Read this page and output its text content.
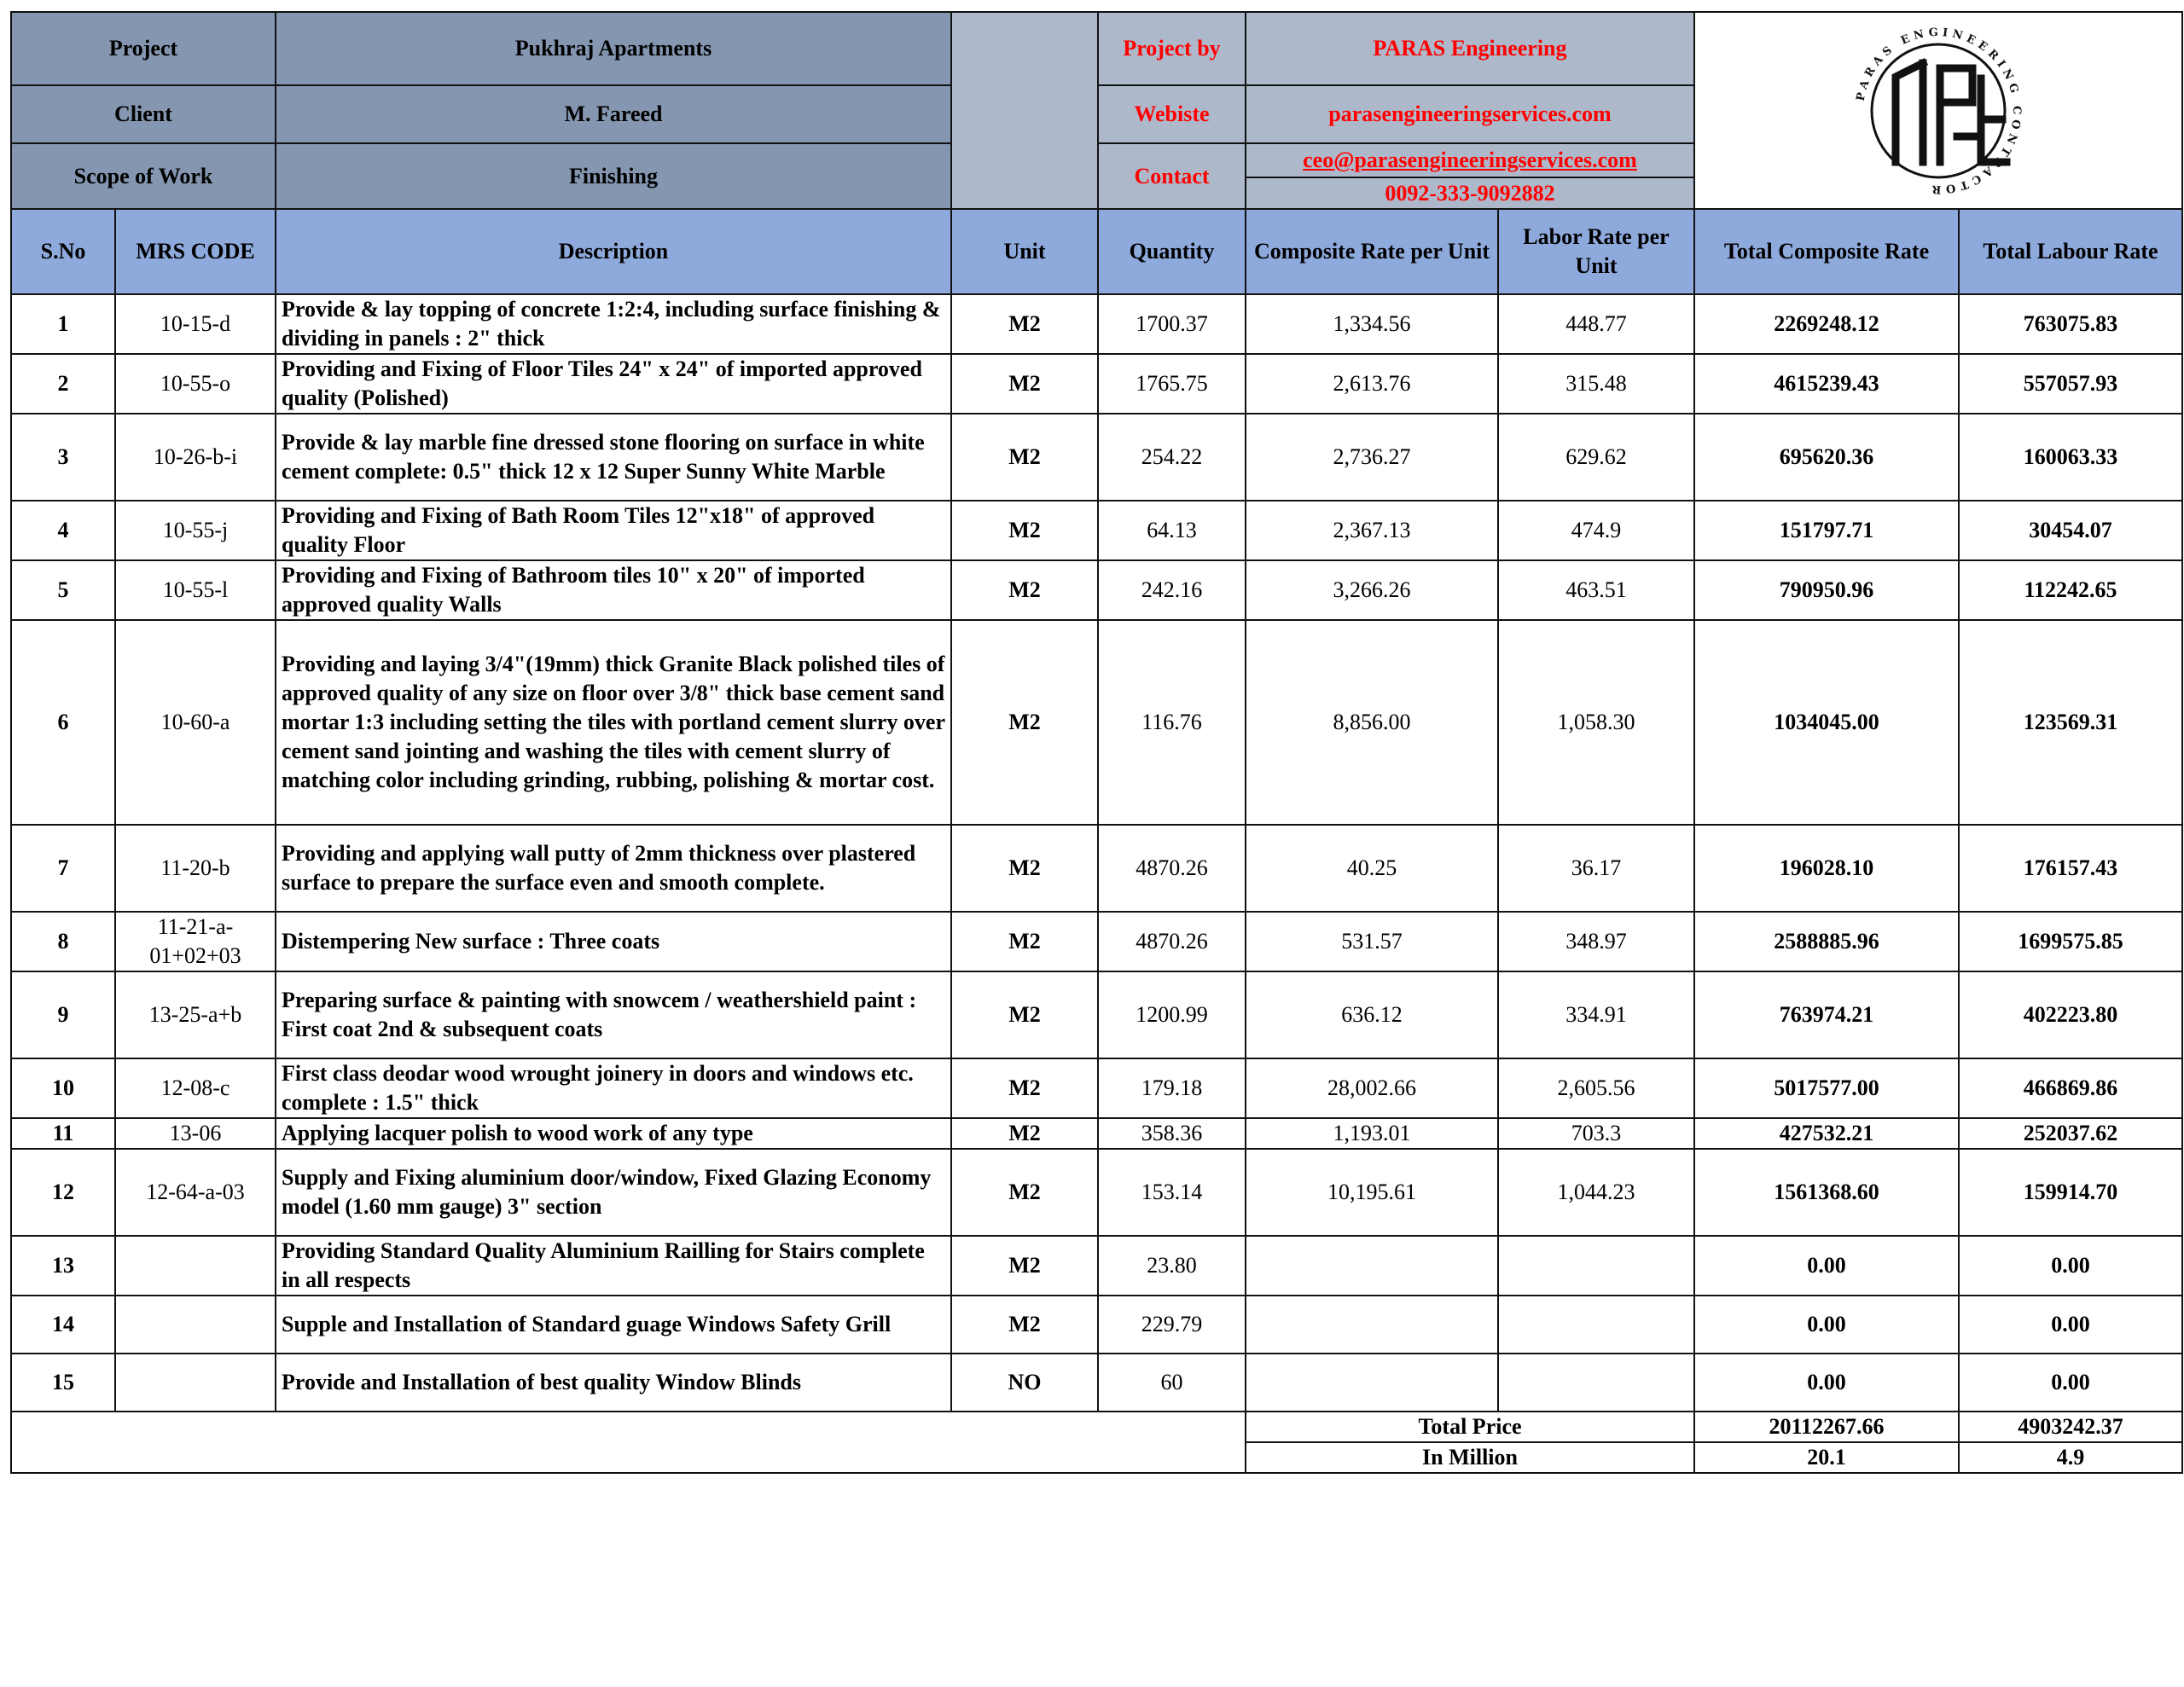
Project		Pukhraj Apartments		Project by	PARAS Engineering		PARAS ENGINEERING CONTRACTOR	

Client		M. Fareed		Webiste	parasengineeringservices.com			
Scope of Work		Finishing		Contact	ceo@parasengineeringservices.com
0092-333-9092882			

S.No	MRS CODE	Description	Unit	Quantity	Composite Rate per Unit	Labor Rate per Unit	Total Composite Rate	Total Labour Rate
1	10-15-d	Provide & lay topping of concrete 1:2:4, including surface finishing & dividing in panels : 2" thick	M2	1700.37	1,334.56	448.77	2269248.12	763075.83
2	10-55-o	Providing and Fixing of Floor Tiles 24" x 24" of imported approved quality (Polished)	M2	1765.75	2,613.76	315.48	4615239.43	557057.93
3	10-26-b-i	Provide & lay marble fine dressed stone flooring on surface in white cement complete: 0.5" thick 12 x 12 Super Sunny White Marble	M2	254.22	2,736.27	629.62	695620.36	160063.33
4	10-55-j	Providing and Fixing of Bath Room Tiles 12"x18" of approved quality Floor	M2	64.13	2,367.13	474.9	151797.71	30454.07
5	10-55-l	Providing and Fixing of Bathroom tiles 10" x 20" of imported approved quality Walls	M2	242.16	3,266.26	463.51	790950.96	112242.65
6	10-60-a	Providing and laying 3/4"(19mm) thick Granite Black polished tiles of approved quality of any size on floor over 3/8" thick base cement sand mortar 1:3 including setting the tiles with portland cement slurry over cement sand jointing and washing the tiles with cement slurry of matching color including grinding, rubbing, polishing & mortar cost.	M2	116.76	8,856.00	1,058.30	1034045.00	123569.31
7	11-20-b	Providing and applying wall putty of 2mm thickness over plastered surface to prepare the surface even and smooth complete.	M2	4870.26	40.25	36.17	196028.10	176157.43
8	11-21-a-01+02+03	Distempering New surface : Three coats	M2	4870.26	531.57	348.97	2588885.96	1699575.85
9	13-25-a+b	Preparing surface & painting with snowcem / weathershield paint : First coat 2nd & subsequent coats	M2	1200.99	636.12	334.91	763974.21	402223.80
10	12-08-c	First class deodar wood wrought joinery in doors and windows etc. complete : 1.5" thick	M2	179.18	28,002.66	2,605.56	5017577.00	466869.86
11	13-06	Applying lacquer polish to wood work of any type	M2	358.36	1,193.01	703.3	427532.21	252037.62
12	12-64-a-03	Supply and Fixing aluminium door/window, Fixed Glazing Economy model (1.60 mm gauge) 3" section	M2	153.14	10,195.61	1,044.23	1561368.60	159914.70
13		Providing Standard Quality Aluminium Railling for Stairs complete in all respects	M2	23.80			0.00	0.00
14		Supple and Installation of Standard guage Windows Safety Grill	M2	229.79			0.00	0.00
15		Provide and Installation of best quality Window Blinds	NO	60			0.00	0.00
					Total Price		20112267.66	4903242.37
					In Million		20.1	4.9
